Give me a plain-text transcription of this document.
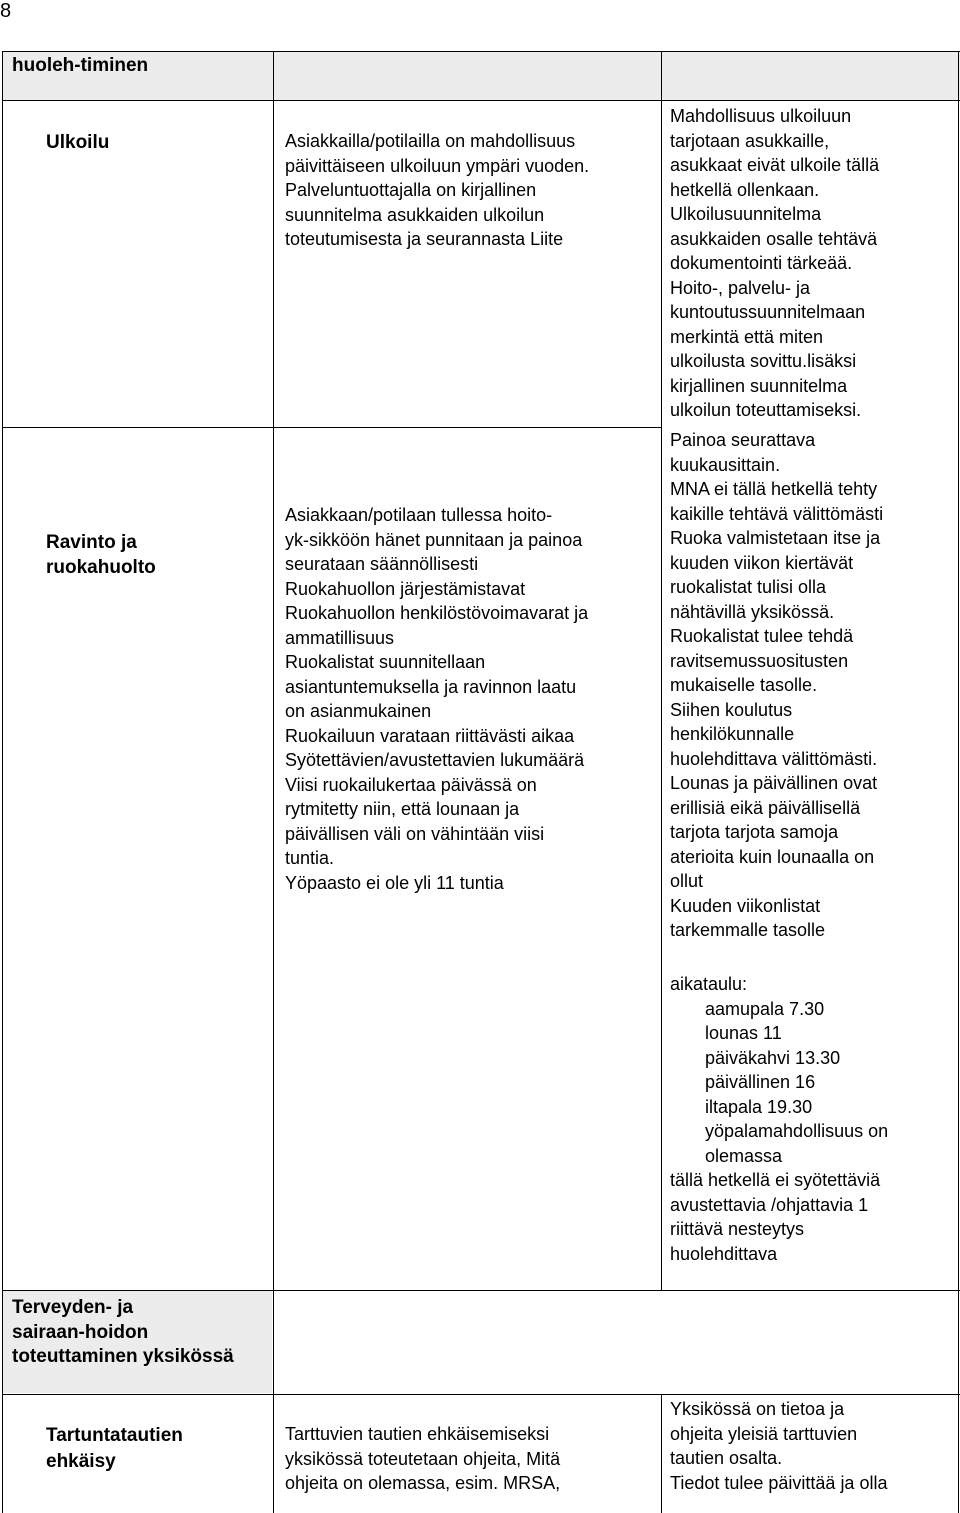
8
huoleh-timinen
Ulkoilu	Asiakkailla/potilailla on mahdollisuus
päivittäiseen ulkoiluun ympäri vuoden.
Palveluntuottajalla on kirjallinen
suunnitelma asukkaiden ulkoilun
toteutumisesta ja seurannasta Liite
Mahdollisuus ulkoiluun
tarjotaan asukkaille,
asukkaat eivät ulkoile tällä
hetkellä ollenkaan.
Ulkoilusuunnitelma
asukkaiden osalle tehtävä
dokumentointi tärkeää.
Hoito-, palvelu- ja
kuntoutussuunnitelmaan
merkintä että miten
ulkoilusta sovittu.lisäksi
kirjallinen suunnitelma
ulkoilun toteuttamiseksi.
Ravinto ja
ruokahuolto
Asiakkaan/potilaan tullessa hoito-
yk-sikköön hänet punnitaan ja painoa
seurataan säännöllisesti
Ruokahuollon järjestämistavat
Ruokahuollon henkilöstövoimavarat ja
ammatillisuus
Ruokalistat suunnitellaan
asiantuntemuksella ja ravinnon laatu
on asianmukainen
Ruokailuun varataan riittävästi aikaa
Syötettävien/avustettavien lukumäärä
Viisi ruokailukertaa päivässä on
rytmitetty niin, että lounaan ja
päivällisen väli on vähintään viisi
tuntia.
Yöpaasto ei ole yli 11 tuntia
Painoa seurattava
kuukausittain.
MNA ei tällä hetkellä tehty
kaikille tehtävä välittömästi
Ruoka valmistetaan itse ja
kuuden viikon kiertävät
ruokalistat tulisi olla
nähtävillä yksikössä.
Ruokalistat tulee tehdä
ravitsemussuositusten
mukaiselle tasolle.
Siihen koulutus
henkilökunnalle
huolehdittava välittömästi.
Lounas ja päivällinen ovat
erillisiä eikä päivällisellä
tarjota tarjota samoja
aterioita kuin lounaalla on
ollut
Kuuden viikonlistat
tarkemmalle tasolle
aikataulu:
aamupala 7.30
lounas 11
päiväkahvi 13.30
päivällinen 16
iltapala 19.30
yöpalamahdollisuus on
olemassa
tällä hetkellä ei syötettäviä
avustettavia /ohjattavia 1
riittävä nesteytys
huolehdittava
Terveyden- ja
sairaan-hoidon
toteuttaminen yksikössä
Tartuntatautien
ehkäisy
Tarttuvien tautien ehkäisemiseksi
yksikössä toteutetaan ohjeita, Mitä
ohjeita on olemassa, esim. MRSA,
Yksikössä on tietoa ja
ohjeita yleisiä tarttuvien
tautien osalta.
Tiedot tulee päivittää ja olla
